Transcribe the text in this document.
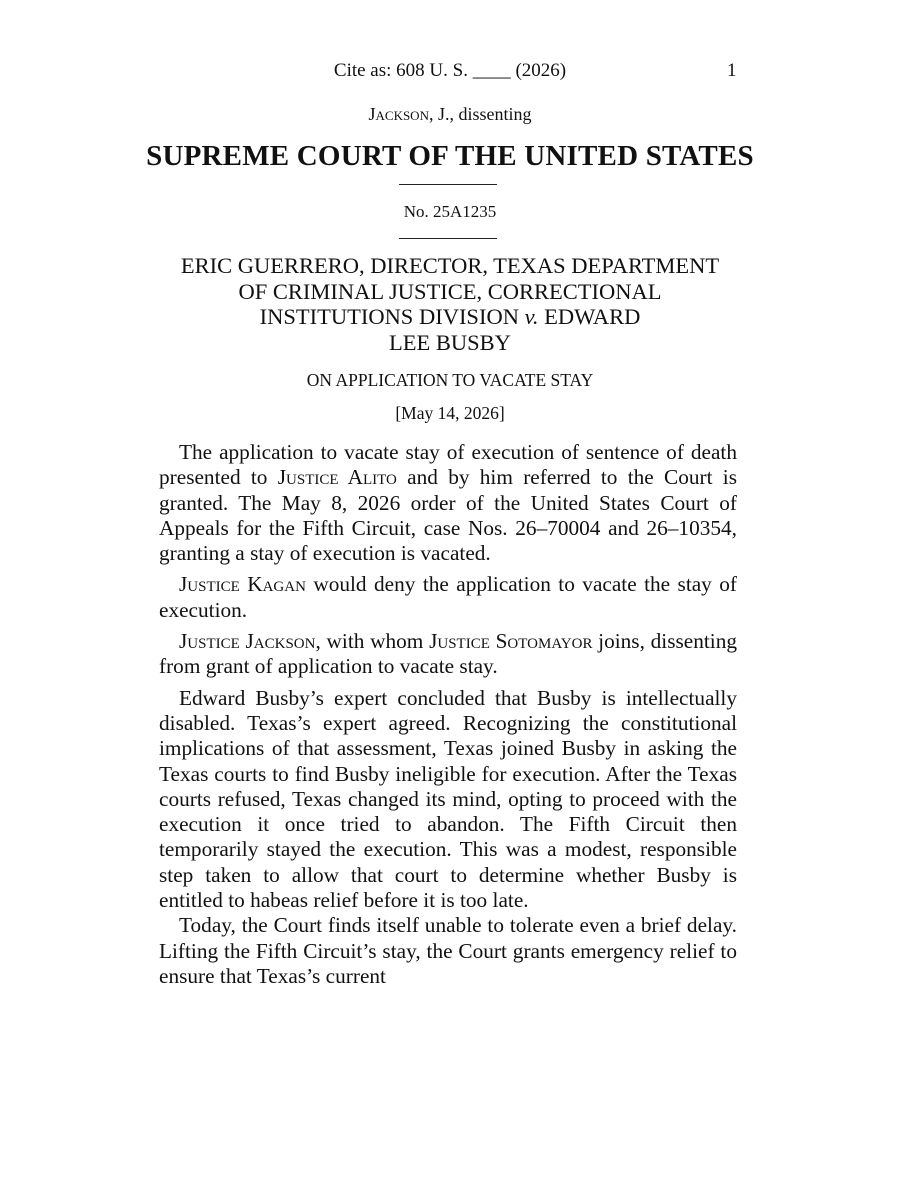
Cite as: 608 U. S. ____ (2026)	1
Jackson, J., dissenting
SUPREME COURT OF THE UNITED STATES
No. 25A1235
ERIC GUERRERO, DIRECTOR, TEXAS DEPARTMENT
OF CRIMINAL JUSTICE, CORRECTIONAL
INSTITUTIONS DIVISION v. EDWARD
LEE BUSBY
ON APPLICATION TO VACATE STAY
[May 14, 2026]

The application to vacate stay of execution of sentence of death presented to Justice Alito and by him referred to the Court is granted. The May 8, 2026 order of the United States Court of Appeals for the Fifth Circuit, case Nos. 26–70004 and 26–10354, granting a stay of execution is vacated.

Justice Kagan would deny the application to vacate the stay of execution.

Justice Jackson, with whom Justice Sotomayor joins, dissenting from grant of application to vacate stay.

Edward Busby’s expert concluded that Busby is intellectually disabled. Texas’s expert agreed. Recognizing the constitutional implications of that assessment, Texas joined Busby in asking the Texas courts to find Busby ineligible for execution. After the Texas courts refused, Texas changed its mind, opting to proceed with the execution it once tried to abandon. The Fifth Circuit then temporarily stayed the execution. This was a modest, responsible step taken to allow that court to determine whether Busby is entitled to habeas relief before it is too late.

Today, the Court finds itself unable to tolerate even a brief delay. Lifting the Fifth Circuit’s stay, the Court grants emergency relief to ensure that Texas’s current
